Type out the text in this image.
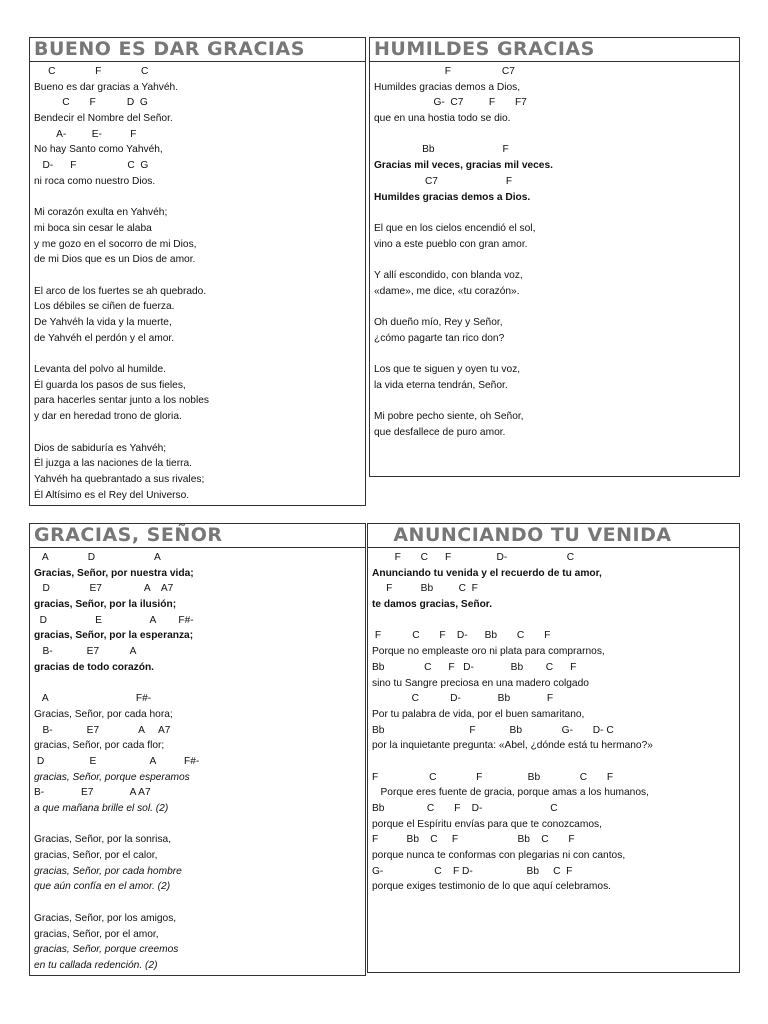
BUENO ES DAR GRACIAS
C              F              C
Bueno es dar gracias a Yahvéh.
C       F           D  G
Bendecir el Nombre del Señor.
A-         E-          F
No hay Santo como Yahvéh,
D-      F                  C  G
ni roca como nuestro Dios.
Mi corazón exulta en Yahvéh;
mi boca sin cesar le alaba
y me gozo en el socorro de mi Dios,
de mi Dios que es un Dios de amor.
El arco de los fuertes se ah quebrado.
Los débiles se ciñen de fuerza.
De Yahvéh la vida y la muerte,
de Yahvéh el perdón y el amor.
Levanta del polvo al humilde.
Él guarda los pasos de sus fieles,
para hacerles sentar junto a los nobles
y dar en heredad trono de gloria.
Dios de sabiduría es Yahvéh;
Él juzga a las naciones de la tierra.
Yahvéh ha quebrantado a sus rivales;
Él Altísimo es el Rey del Universo.
HUMILDES GRACIAS
F                  C7
Humildes gracias demos a Dios,
G-  C7         F       F7
que en una hostia todo se dio.
Bb                        F
Gracias mil veces, gracias mil veces.
C7                        F
Humildes gracias demos a Dios.
El que en los cielos encendió el sol,
vino a este pueblo con gran amor.
Y allí escondido, con blanda voz,
«dame», me dice, «tu corazón».
Oh dueño mío, Rey y Señor,
¿cómo pagarte tan rico don?
Los que te siguen y oyen tu voz,
la vida eterna tendrán, Señor.
Mi pobre pecho siente, oh Señor,
que desfallece de puro amor.
GRACIAS, SEÑOR
A              D                     A
Gracias, Señor, por nuestra vida;
D              E7               A    A7
gracias, Señor, por la ilusión;
D                 E                 A        F#-
gracias, Señor, por la esperanza;
B-            E7           A
gracias de todo corazón.
A                               F#-
Gracias, Señor, por cada hora;
B-            E7              A     A7
gracias, Señor, por cada flor;
D                E                   A          F#-
gracias, Señor, porque esperamos
B-             E7             A A7
a que mañana brille el sol. (2)
Gracias, Señor, por la sonrisa,
gracias, Señor, por el calor,
gracias, Señor, por cada hombre
que aún confía en el amor. (2)
Gracias, Señor, por los amigos,
gracias, Señor, por el amor,
gracias, Señor, porque creemos
en tu callada redención. (2)
ANUNCIANDO TU VENIDA
F       C      F                D-                     C
Anunciando tu venida y el recuerdo de tu amor,
F          Bb         C  F
te damos gracias, Señor.
F           C       F    D-      Bb       C       F
Porque no empleaste oro ni plata para comprarnos,
Bb              C      F   D-             Bb        C      F
sino tu Sangre preciosa en una madero colgado
C           D-             Bb             F
Por tu palabra de vida, por el buen samaritano,
Bb                              F            Bb              G-       D- C
por la inquietante pregunta: «Abel, ¿dónde está tu hermano?»
F                  C              F                Bb              C       F
Porque eres fuente de gracia, porque amas a los humanos,
Bb               C       F    D-                        C
porque el Espíritu envías para que te conozcamos,
F          Bb    C     F                     Bb    C       F
porque nunca te conformas con plegarias ni con cantos,
G-                  C    F D-                   Bb     C  F
porque exiges testimonio de lo que aquí celebramos.
